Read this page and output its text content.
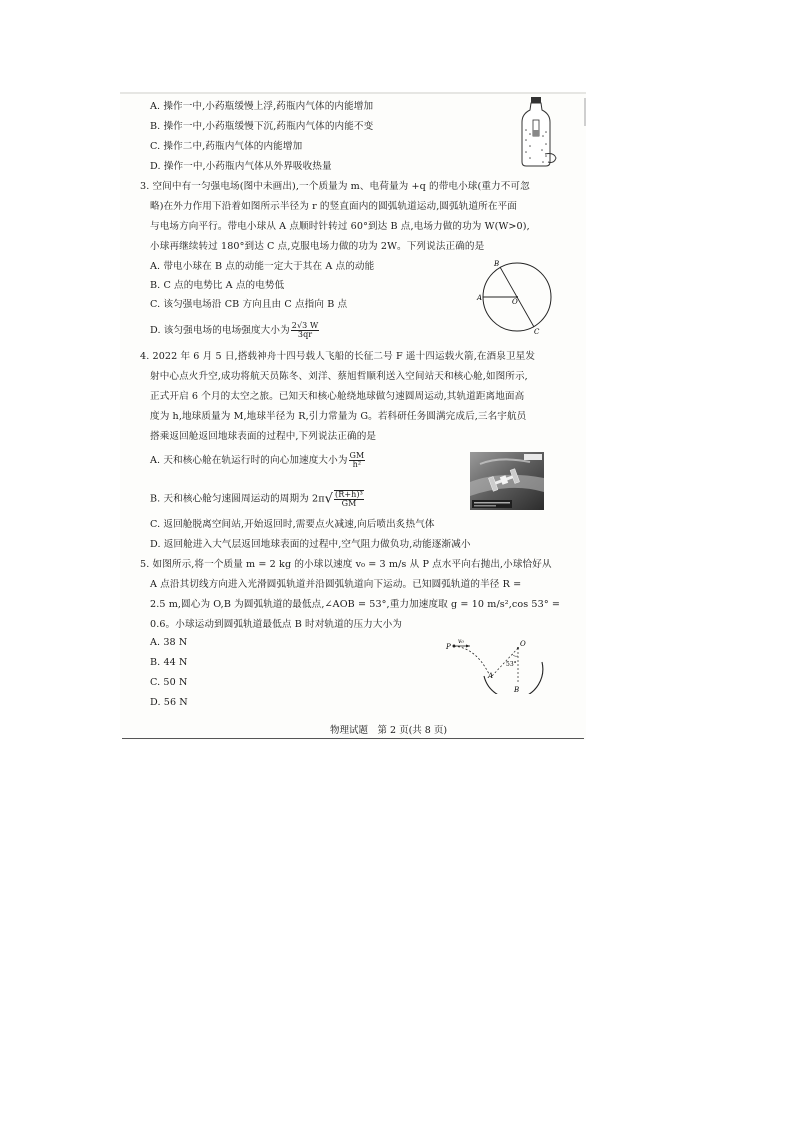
A. 操作一中,小药瓶缓慢上浮,药瓶内气体的内能增加
B. 操作一中,小药瓶缓慢下沉,药瓶内气体的内能不变
C. 操作二中,药瓶内气体的内能增加
D. 操作一中,小药瓶内气体从外界吸收热量
3. 空间中有一匀强电场(图中未画出),一个质量为 m、电荷量为 +q 的带电小球(重力不可忽
略)在外力作用下沿着如图所示半径为 r 的竖直面内的圆弧轨道运动,圆弧轨道所在平面
与电场方向平行。带电小球从 A 点顺时针转过 60°到达 B 点,电场力做的功为 W(W>0),
小球再继续转过 180°到达 C 点,克服电场力做的功为 2W。下列说法正确的是
A. 带电小球在 B 点的动能一定大于其在 A 点的动能
B. C 点的电势比 A 点的电势低
C. 该匀强电场沿 CB 方向且由 C 点指向 B 点
D. 该匀强电场的电场强度大小为 $\frac{2√3 W}{3qr}$
B
A	O
C
4. 2022 年 6 月 5 日,搭载神舟十四号载人飞船的长征二号 F 遥十四运载火箭,在酒泉卫星发
射中心点火升空,成功将航天员陈冬、刘洋、蔡旭哲顺利送入空间站天和核心舱,如图所示,
正式开启 6 个月的太空之旅。已知天和核心舱绕地球做匀速圆周运动,其轨道距离地面高
度为 h,地球质量为 M,地球半径为 R,引力常量为 G。若科研任务圆满完成后,三名宇航员
搭乘返回舱返回地球表面的过程中,下列说法正确的是
A. 天和核心舱在轨运行时的向心加速度大小为 $\frac{GM}{\text{h²}}$
B. 天和核心舱匀速圆周运动的周期为 $2\pi√ \frac{\text{(R+h)³}}{GM}$
C. 返回舱脱离空间站,开始返回时,需要点火减速,向后喷出炙热气体
D. 返回舱进入大气层返回地球表面的过程中,空气阻力做负功,动能逐渐减小
5. 如图所示,将一个质量 m = 2 kg 的小球以速度 v₀ = 3 m/s 从 P 点水平向右抛出,小球恰好从
A 点沿其切线方向进入光滑圆弧轨道并沿圆弧轨道向下运动。已知圆弧轨道的半径 R =
2.5 m,圆心为 O,B 为圆弧轨道的最低点,∠AOB = 53°,重力加速度取 g = 10 m/s²,cos 53° =
0.6。小球运动到圆弧轨道最低点 B 时对轨道的压力大小为
A. 38 N
B. 44 N
C. 50 N
D. 56 N
P
v₀	O
53°
A
B
物理试题　第 2 页(共 8 页)
